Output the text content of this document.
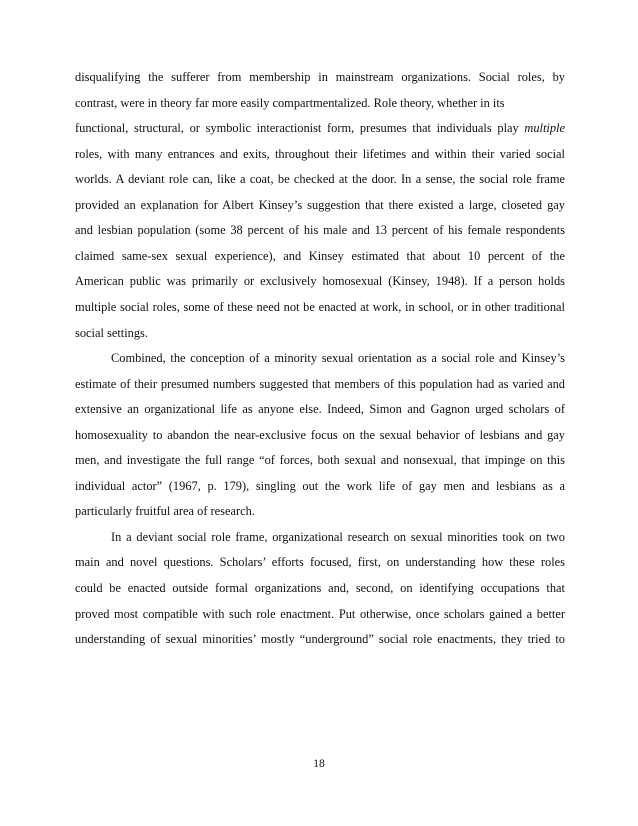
disqualifying the sufferer from membership in mainstream organizations. Social roles, by
contrast, were in theory far more easily compartmentalized. Role theory, whether in its
functional, structural, or symbolic interactionist form, presumes that individuals play multiple
roles, with many entrances and exits, throughout their lifetimes and within their varied social
worlds. A deviant role can, like a coat, be checked at the door. In a sense, the social role frame
provided an explanation for Albert Kinsey’s suggestion that there existed a large, closeted gay
and lesbian population (some 38 percent of his male and 13 percent of his female respondents
claimed same-sex sexual experience), and Kinsey estimated that about 10 percent of the
American public was primarily or exclusively homosexual (Kinsey, 1948). If a person holds
multiple social roles, some of these need not be enacted at work, in school, or in other traditional
social settings.
Combined, the conception of a minority sexual orientation as a social role and Kinsey’s
estimate of their presumed numbers suggested that members of this population had as varied and
extensive an organizational life as anyone else. Indeed, Simon and Gagnon urged scholars of
homosexuality to abandon the near-exclusive focus on the sexual behavior of lesbians and gay
men, and investigate the full range “of forces, both sexual and nonsexual, that impinge on this
individual actor” (1967, p. 179), singling out the work life of gay men and lesbians as a
particularly fruitful area of research.
In a deviant social role frame, organizational research on sexual minorities took on two
main and novel questions. Scholars’ efforts focused, first, on understanding how these roles
could be enacted outside formal organizations and, second, on identifying occupations that
proved most compatible with such role enactment. Put otherwise, once scholars gained a better
understanding of sexual minorities’ mostly “underground” social role enactments, they tried to
18
